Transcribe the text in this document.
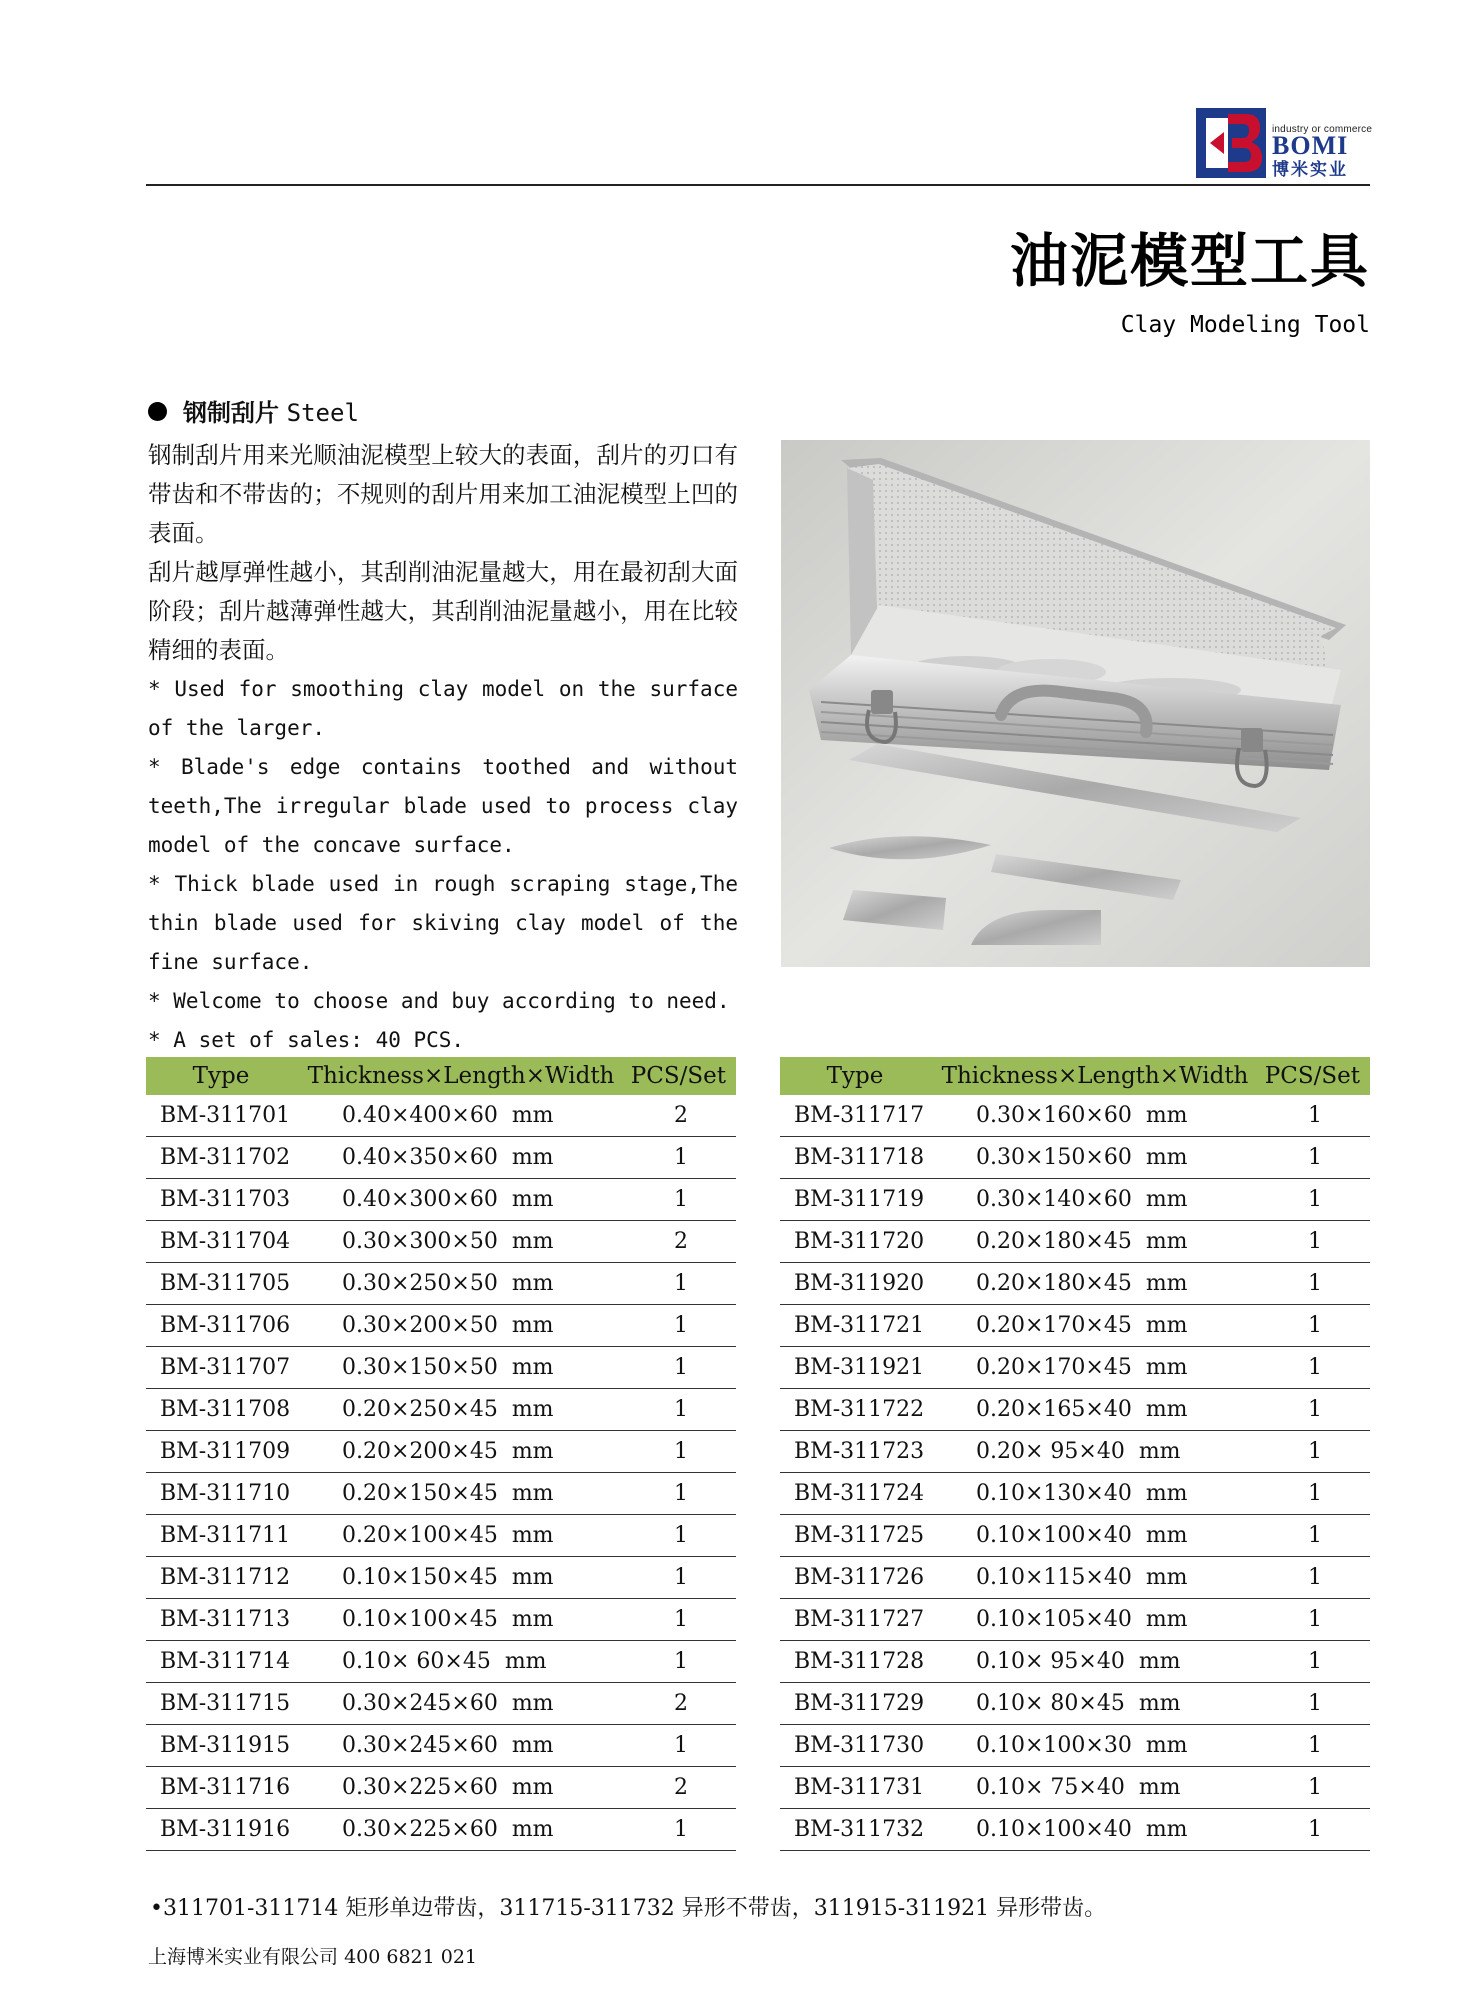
industry or commerce
BOMI
博米实业
油泥模型工具
Clay Modeling Tool
钢制刮片 Steel

钢制刮片用来光顺油泥模型上较大的表面，刮片的刃口有带齿和不带齿的；不规则的刮片用来加工油泥模型上凹的表面。

刮片越厚弹性越小，其刮削油泥量越大，用在最初刮大面阶段；刮片越薄弹性越大，其刮削油泥量越小，用在比较精细的表面。

* Used for smoothing clay model on the surface of the larger.

* Blade's edge contains toothed and without teeth,The irregular blade used to process clay model of the concave surface.

* Thick blade used in rough scraping stage,The thin blade used for skiving clay model of the fine surface.

* Welcome to choose and buy according to need.

* A set of sales: 40 PCS.

Type	Thickness×Length×Width	PCS/Set
BM-311701	0.40×400×60  mm	2
BM-311702	0.40×350×60  mm	1
BM-311703	0.40×300×60  mm	1
BM-311704	0.30×300×50  mm	2
BM-311705	0.30×250×50  mm	1
BM-311706	0.30×200×50  mm	1
BM-311707	0.30×150×50  mm	1
BM-311708	0.20×250×45  mm	1
BM-311709	0.20×200×45  mm	1
BM-311710	0.20×150×45  mm	1
BM-311711	0.20×100×45  mm	1
BM-311712	0.10×150×45  mm	1
BM-311713	0.10×100×45  mm	1
BM-311714	0.10× 60×45  mm	1
BM-311715	0.30×245×60  mm	2
BM-311915	0.30×245×60  mm	1
BM-311716	0.30×225×60  mm	2
BM-311916	0.30×225×60  mm	1
Type	Thickness×Length×Width	PCS/Set
BM-311717	0.30×160×60  mm	1
BM-311718	0.30×150×60  mm	1
BM-311719	0.30×140×60  mm	1
BM-311720	0.20×180×45  mm	1
BM-311920	0.20×180×45  mm	1
BM-311721	0.20×170×45  mm	1
BM-311921	0.20×170×45  mm	1
BM-311722	0.20×165×40  mm	1
BM-311723	0.20× 95×40  mm	1
BM-311724	0.10×130×40  mm	1
BM-311725	0.10×100×40  mm	1
BM-311726	0.10×115×40  mm	1
BM-311727	0.10×105×40  mm	1
BM-311728	0.10× 95×40  mm	1
BM-311729	0.10× 80×45  mm	1
BM-311730	0.10×100×30  mm	1
BM-311731	0.10× 75×40  mm	1
BM-311732	0.10×100×40  mm	1
•311701-311714 矩形单边带齿，311715-311732 异形不带齿，311915-311921 异形带齿。
上海博米实业有限公司 400 6821 021
